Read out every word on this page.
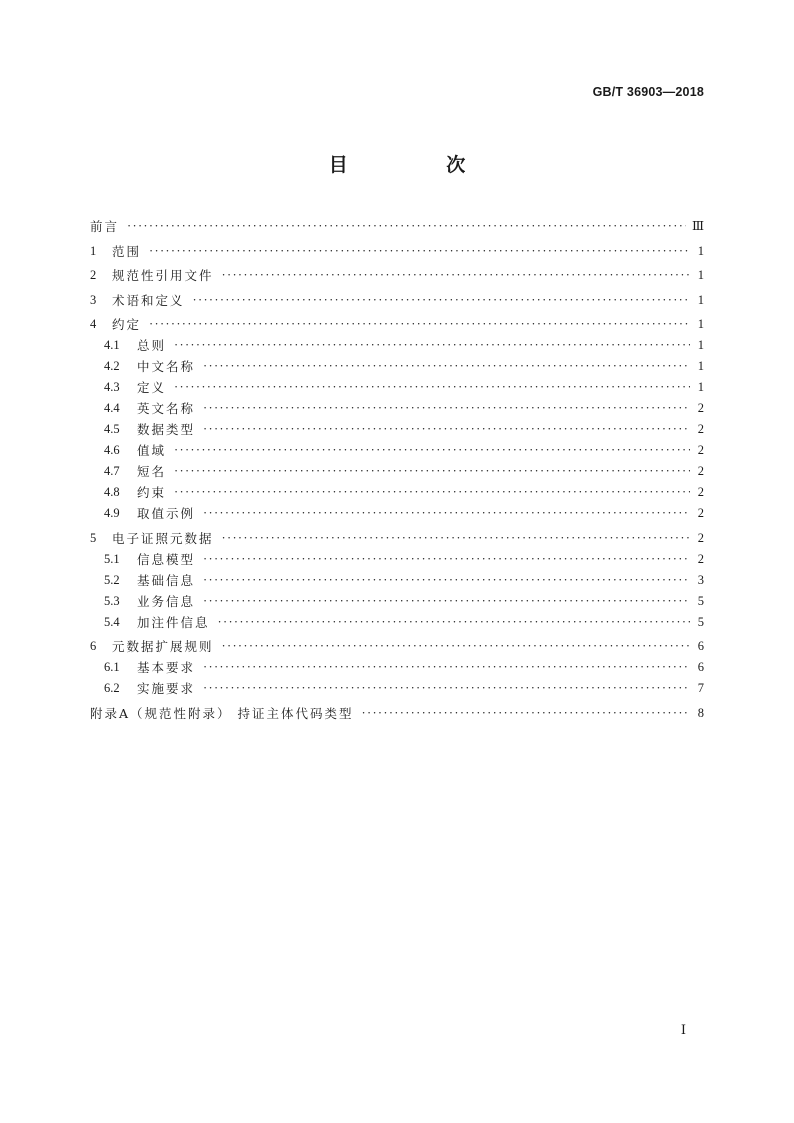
GB/T 36903—2018
目 次
前言 ·····	Ⅲ
1	范围 ·····	1
2	规范性引用文件 ·····	1
3	术语和定义 ·····	1
4	约定 ·····	1
4.1	总则 ·····	1
4.2	中文名称 ·····	1
4.3	定义 ·····	1
4.4	英文名称 ·····	2
4.5	数据类型 ·····	2
4.6	值域 ·····	2
4.7	短名 ·····	2
4.8	约束 ·····	2
4.9	取值示例 ·····	2
5	电子证照元数据 ·····	2
5.1	信息模型 ·····	2
5.2	基础信息 ·····	3
5.3	业务信息 ·····	5
5.4	加注件信息 ·····	5
6	元数据扩展规则 ·····	6
6.1	基本要求 ·····	6
6.2	实施要求 ·····	7
附录A（规范性附录） 持证主体代码类型 ·····	8
Ⅰ
